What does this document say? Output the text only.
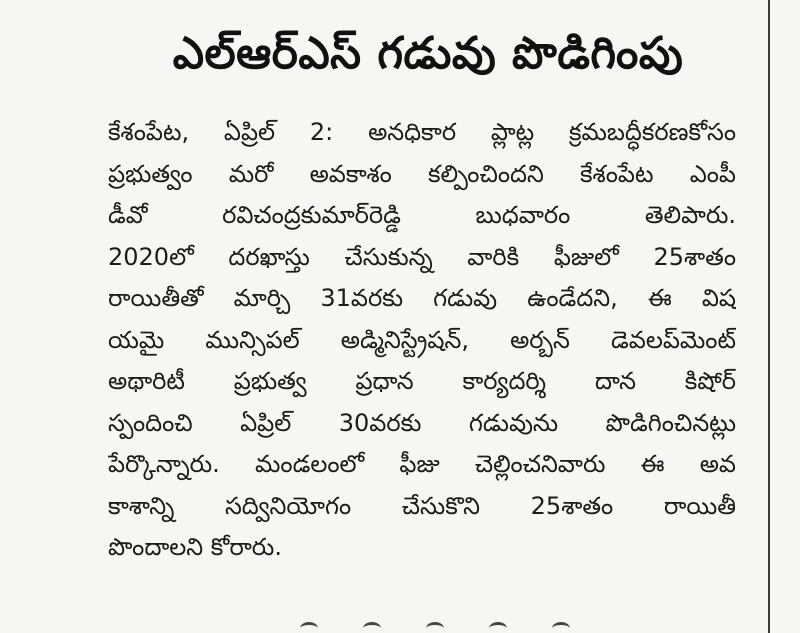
ఎల్‌ఆర్‌ఎస్ గడువు పొడిగింపు
కేశంపేట, ఏప్రిల్ 2: అనధికార ప్లాట్ల క్రమబద్ధీకరణకోసం
ప్రభుత్వం మరో అవకాశం కల్పించిందని కేశంపేట ఎంపీ
డీవో రవిచంద్రకుమార్‌రెడ్డి బుధవారం తెలిపారు.
2020లో దరఖాస్తు చేసుకున్న వారికి ఫీజులో 25శాతం
రాయితీతో మార్చి 31వరకు గడువు ఉండేదని, ఈ విష
యమై మున్సిపల్ అడ్మినిస్ట్రేషన్, అర్బన్ డెవలప్‌మెంట్
అథారిటీ ప్రభుత్వ ప్రధాన కార్యదర్శి దాన కిషోర్
స్పందించి ఏప్రిల్ 30వరకు గడువును పొడిగించినట్లు
పేర్కొన్నారు. మండలంలో ఫీజు చెల్లించనివారు ఈ అవ
కాశాన్ని సద్వినియోగం చేసుకొని 25శాతం రాయితీ
పొందాలని కోరారు.
